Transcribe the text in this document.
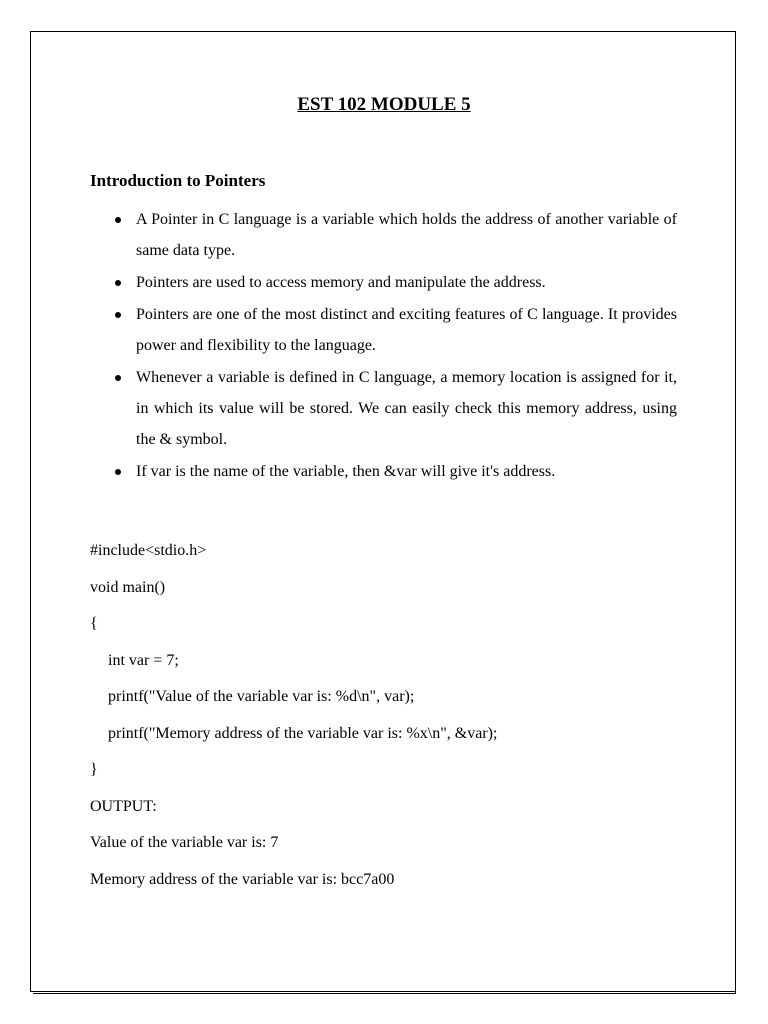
EST 102 MODULE 5
Introduction to Pointers
A Pointer in C language is a variable which holds the address of another variable of same data type.
Pointers are used to access memory and manipulate the address.
Pointers are one of the most distinct and exciting features of C language. It provides power and flexibility to the language.
Whenever a variable is defined in C language, a memory location is assigned for it, in which its value will be stored. We can easily check this memory address, using the & symbol.
If var is the name of the variable, then &var will give it's address.
#include<stdio.h>
void main()
{
int var = 7;
printf("Value of the variable var is: %d\n", var);
printf("Memory address of the variable var is: %x\n", &var);
}
OUTPUT:
Value of the variable var is: 7
Memory address of the variable var is: bcc7a00
